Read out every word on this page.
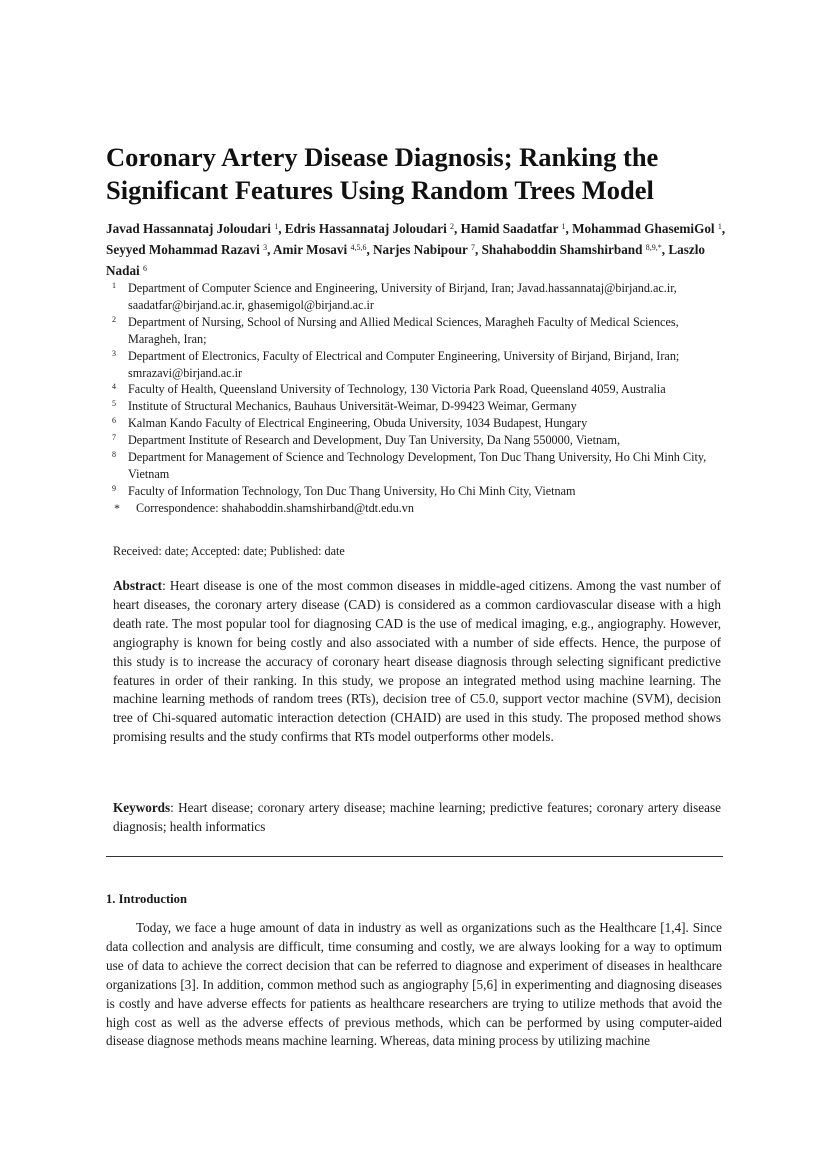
Coronary Artery Disease Diagnosis; Ranking the Significant Features Using Random Trees Model

Javad Hassannataj Joloudari $^1$, Edris Hassannataj Joloudari $^2$, Hamid Saadatfar $^1$, Mohammad GhasemiGol $^1$, Seyyed Mohammad Razavi $^3$, Amir Mosavi $^{4,5,6}$, Narjes Nabipour $^7$, Shahaboddin Shamshirband $^{8,9,*}$, Laszlo Nadai $^6$

1 Department of Computer Science and Engineering, University of Birjand, Iran; Javad.hassannataj@birjand.ac.ir, saadatfar@birjand.ac.ir, ghasemigol@birjand.ac.ir
2 Department of Nursing, School of Nursing and Allied Medical Sciences, Maragheh Faculty of Medical Sciences, Maragheh, Iran;
3 Department of Electronics, Faculty of Electrical and Computer Engineering, University of Birjand, Birjand, Iran; smrazavi@birjand.ac.ir
4 Faculty of Health, Queensland University of Technology, 130 Victoria Park Road, Queensland 4059, Australia
5 Institute of Structural Mechanics, Bauhaus Universität-Weimar, D-99423 Weimar, Germany
6 Kalman Kando Faculty of Electrical Engineering, Obuda University, 1034 Budapest, Hungary
7 Department Institute of Research and Development, Duy Tan University, Da Nang 550000, Vietnam,
8 Department for Management of Science and Technology Development, Ton Duc Thang University, Ho Chi Minh City, Vietnam
9 Faculty of Information Technology, Ton Duc Thang University, Ho Chi Minh City, Vietnam
* Correspondence: shahaboddin.shamshirband@tdt.edu.vn

Received: date; Accepted: date; Published: date

Abstract: Heart disease is one of the most common diseases in middle-aged citizens. Among the vast number of heart diseases, the coronary artery disease (CAD) is considered as a common cardiovascular disease with a high death rate. The most popular tool for diagnosing CAD is the use of medical imaging, e.g., angiography. However, angiography is known for being costly and also associated with a number of side effects. Hence, the purpose of this study is to increase the accuracy of coronary heart disease diagnosis through selecting significant predictive features in order of their ranking. In this study, we propose an integrated method using machine learning. The machine learning methods of random trees (RTs), decision tree of C5.0, support vector machine (SVM), decision tree of Chi-squared automatic interaction detection (CHAID) are used in this study. The proposed method shows promising results and the study confirms that RTs model outperforms other models.

Keywords: Heart disease; coronary artery disease; machine learning; predictive features; coronary artery disease diagnosis; health informatics

1. Introduction

Today, we face a huge amount of data in industry as well as organizations such as the Healthcare [1,4]. Since data collection and analysis are difficult, time consuming and costly, we are always looking for a way to optimum use of data to achieve the correct decision that can be referred to diagnose and experiment of diseases in healthcare organizations [3]. In addition, common method such as angiography [5,6] in experimenting and diagnosing diseases is costly and have adverse effects for patients as healthcare researchers are trying to utilize methods that avoid the high cost as well as the adverse effects of previous methods, which can be performed by using computer-aided disease diagnose methods means machine learning. Whereas, data mining process by utilizing machine
